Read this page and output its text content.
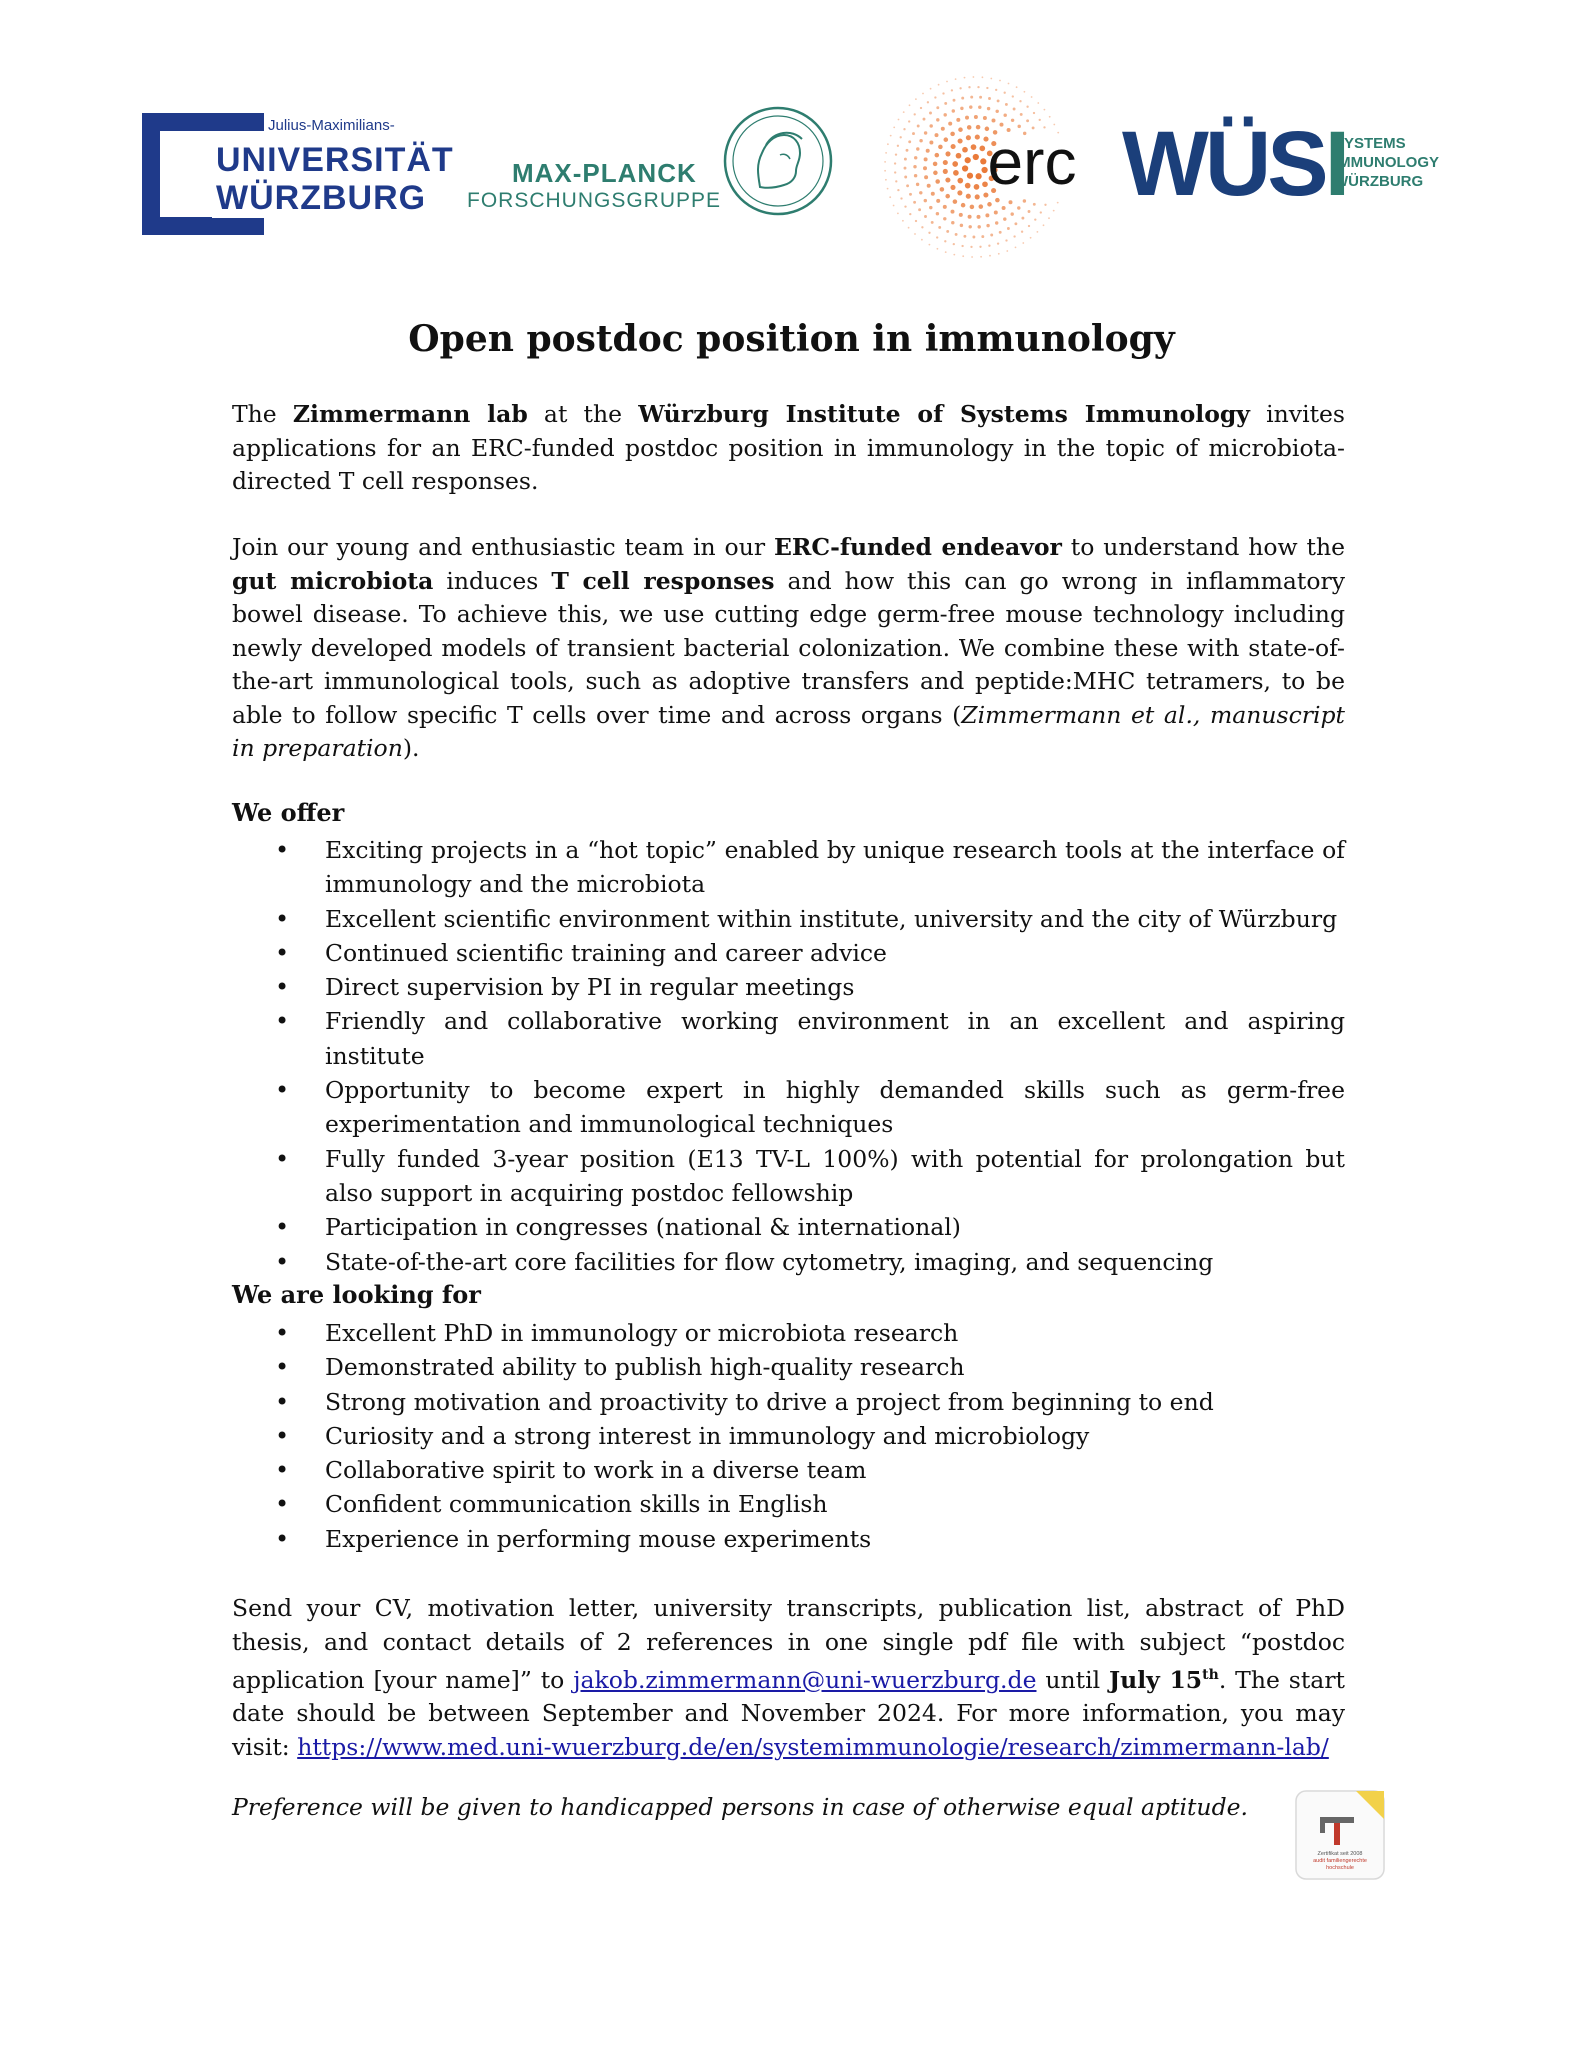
Julius-Maximilians-
UNIVERSITÄT
WÜRZBURG
MAX-PLANCK
FORSCHUNGSGRUPPE
erc WÜSI
SYSTEMS
IMMUNOLOGY
WÜRZBURG
Open postdoc position in immunology
The Zimmermann lab at the Würzburg Institute of Systems Immunology invites applications for an ERC-funded postdoc position in immunology in the topic of microbiota-directed T cell responses.
Join our young and enthusiastic team in our ERC-funded endeavor to understand how the gut microbiota induces T cell responses and how this can go wrong in inflammatory bowel disease. To achieve this, we use cutting edge germ-free mouse technology including newly developed models of transient bacterial colonization. We combine these with state-of-the-art immunological tools, such as adoptive transfers and peptide:MHC tetramers, to be able to follow specific T cells over time and across organs (Zimmermann et al., manuscript in preparation).
We offer
• Exciting projects in a “hot topic” enabled by unique research tools at the interface of immunology and the microbiota
• Excellent scientific environment within institute, university and the city of Würzburg
• Continued scientific training and career advice
• Direct supervision by PI in regular meetings
• Friendly and collaborative working environment in an excellent and aspiring institute
• Opportunity to become expert in highly demanded skills such as germ-free experimentation and immunological techniques
• Fully funded 3-year position (E13 TV-L 100%) with potential for prolongation but also support in acquiring postdoc fellowship
• Participation in congresses (national & international)
• State-of-the-art core facilities for flow cytometry, imaging, and sequencing
We are looking for
• Excellent PhD in immunology or microbiota research
• Demonstrated ability to publish high-quality research
• Strong motivation and proactivity to drive a project from beginning to end
• Curiosity and a strong interest in immunology and microbiology
• Collaborative spirit to work in a diverse team
• Confident communication skills in English
• Experience in performing mouse experiments
Send your CV, motivation letter, university transcripts, publication list, abstract of PhD thesis, and contact details of 2 references in one single pdf file with subject “postdoc application [your name]” to jakob.zimmermann@uni-wuerzburg.de until July 15th. The start date should be between September and November 2024. For more information, you may visit: https://www.med.uni-wuerzburg.de/en/systemimmunologie/research/zimmermann-lab/
Preference will be given to handicapped persons in case of otherwise equal aptitude.
Zertifikat seit 2008
audit familiengerechte
hochschule
